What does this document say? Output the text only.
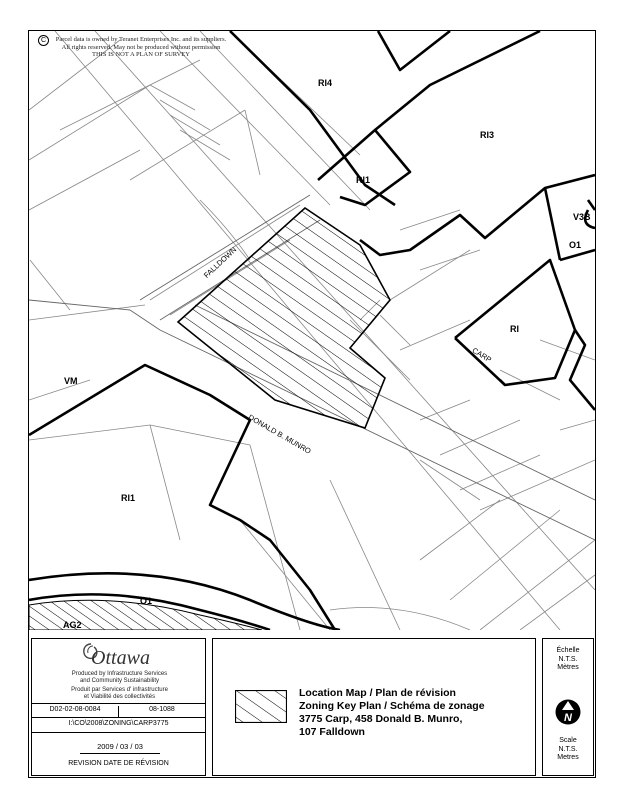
RI4
RI3
RI1
V3B
O1
RI
VM
RI1
O1
AG2
FALLDOWN
CARP
DONALD B. MUNRO
C	Parcel data is owned by Teranet Enterprises Inc. and its suppliers.
All rights reserved. May not be produced without permission
THIS IS NOT A PLAN OF SURVEY
Ottawa
Produced by Infrastructure Services
and Community Sustainability
Produit par Services d' infrastructure
et Viabilité des collectivités
D02-02-08-0084	08-1088
I:\CO\2008\ZONING\CARP3775
2009 / 03 / 03
REVISION DATE DE RÉVISION
Location Map / Plan de révision
Zoning Key Plan / Schéma de zonage
3775 Carp, 458 Donald B. Munro,
107 Falldown
Échelle
N.T.S.
Mètres
N
Scale
N.T.S.
Metres
